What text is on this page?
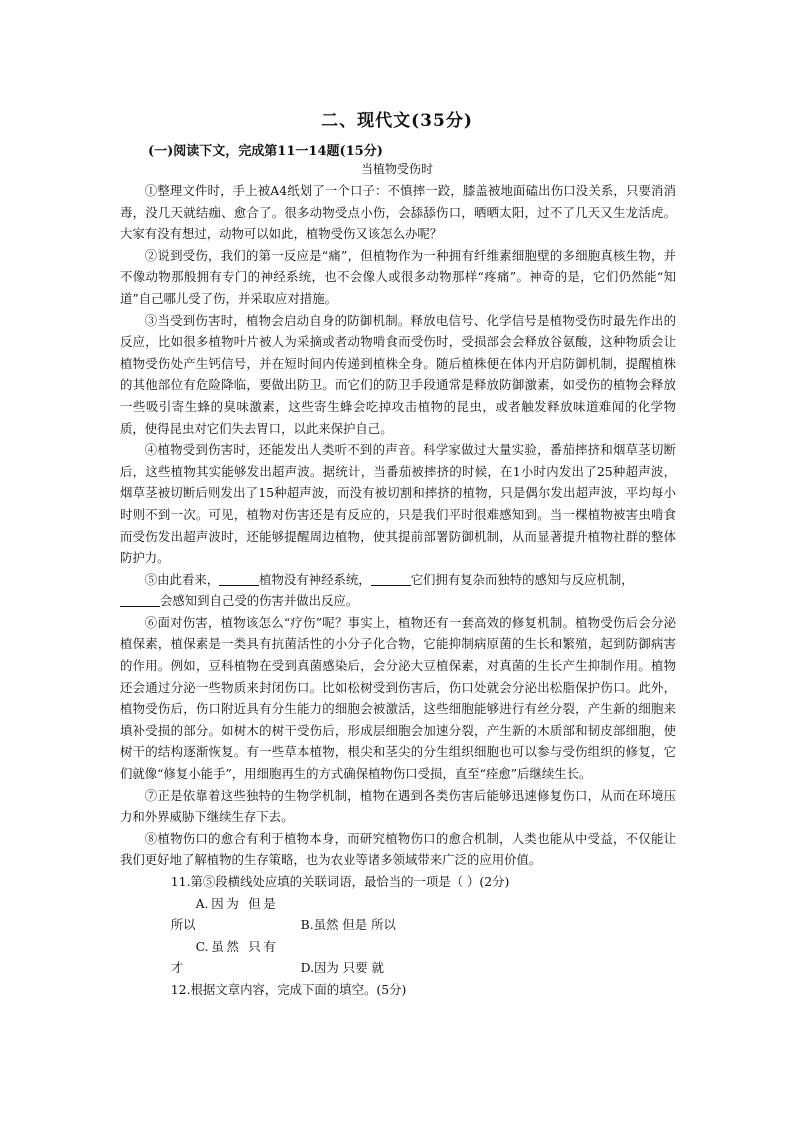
二、现代文(35分)
(一)阅读下文，完成第11一14题(15分)
当植物受伤时

①整理文件时，手上被A4纸划了一个口子：不慎摔一跤，膝盖被地面磕出伤口没关系，只要消消毒，没几天就结痂、愈合了。很多动物受点小伤，会舔舔伤口，晒晒太阳，过不了几天又生龙活虎。大家有没有想过，动物可以如此，植物受伤又该怎么办呢？

②说到受伤，我们的第一反应是“痛”，但植物作为一种拥有纤维素细胞壁的多细胞真核生物，并不像动物那般拥有专门的神经系统，也不会像人或很多动物那样“疼痛”。神奇的是，它们仍然能“知道”自己哪儿受了伤，并采取应对措施。

③当受到伤害时，植物会启动自身的防御机制。释放电信号、化学信号是植物受伤时最先作出的反应，比如很多植物叶片被人为采摘或者动物啃食而受伤时，受损部会会释放谷氨酸，这种物质会让植物受伤处产生钙信号，并在短时间内传递到植株全身。随后植株便在体内开启防御机制，提醒植株的其他部位有危险降临，要做出防卫。而它们的防卫手段通常是释放防御激素，如受伤的植物会释放一些吸引寄生蜂的臭味激素，这些寄生蜂会吃掉攻击植物的昆虫，或者触发释放味道难闻的化学物质，使得昆虫对它们失去胃口，以此来保护自己。

④植物受到伤害时，还能发出人类听不到的声音。科学家做过大量实验，番茄摔挤和烟草茎切断后，这些植物其实能够发出超声波。据统计，当番茄被摔挤的时候，在1小时内发出了25种超声波，烟草茎被切断后则发出了15种超声波，而没有被切割和摔挤的植物，只是偶尔发出超声波，平均每小时则不到一次。可见，植物对伤害还是有反应的，只是我们平时很难感知到。当一棵植物被害虫啃食而受伤发出超声波时，还能够提醒周边植物，使其提前部署防御机制，从而显著提升植物社群的整体防护力。

⑤由此看来，	植物没有神经系统，	它们拥有复杂而独特的感知与反应机制，
会感知到自己受的伤害并做出反应。

⑥面对伤害，植物该怎么“疗伤”呢？事实上，植物还有一套高效的修复机制。植物受伤后会分泌植保素，植保素是一类具有抗菌活性的小分子化合物，它能抑制病原菌的生长和繁殖，起到防御病害的作用。例如，豆科植物在受到真菌感染后，会分泌大豆植保素，对真菌的生长产生抑制作用。植物还会通过分泌一些物质来封闭伤口。比如松树受到伤害后，伤口处就会分泌出松脂保护伤口。此外，植物受伤后，伤口附近具有分生能力的细胞会被激活，这些细胞能够进行有丝分裂，产生新的细胞来填补受损的部分。如树木的树干受伤后，形成层细胞会加速分裂，产生新的木质部和韧皮部细胞，使树干的结构逐渐恢复。有一些草本植物，根尖和茎尖的分生组织细胞也可以参与受伤组织的修复，它们就像“修复小能手”，用细胞再生的方式确保植物伤口受损，直至“痊愈”后继续生长。

⑦正是依靠着这些独特的生物学机制，植物在遇到各类伤害后能够迅速修复伤口，从而在环境压力和外界威胁下继续生存下去。

⑧植物伤口的愈合有利于植物本身，而研究植物伤口的愈合机制，人类也能从中受益，不仅能让我们更好地了解植物的生存策略，也为农业等诸多领域带来广泛的应用价值。

11.第⑤段横线处应填的关联词语，最恰当的一项是（ ）(2分)

A.因为 但是 所以	B.虽然 但是 所以

C.虽然 只有 才	D.因为 只要 就

12.根据文章内容，完成下面的填空。(5分)
